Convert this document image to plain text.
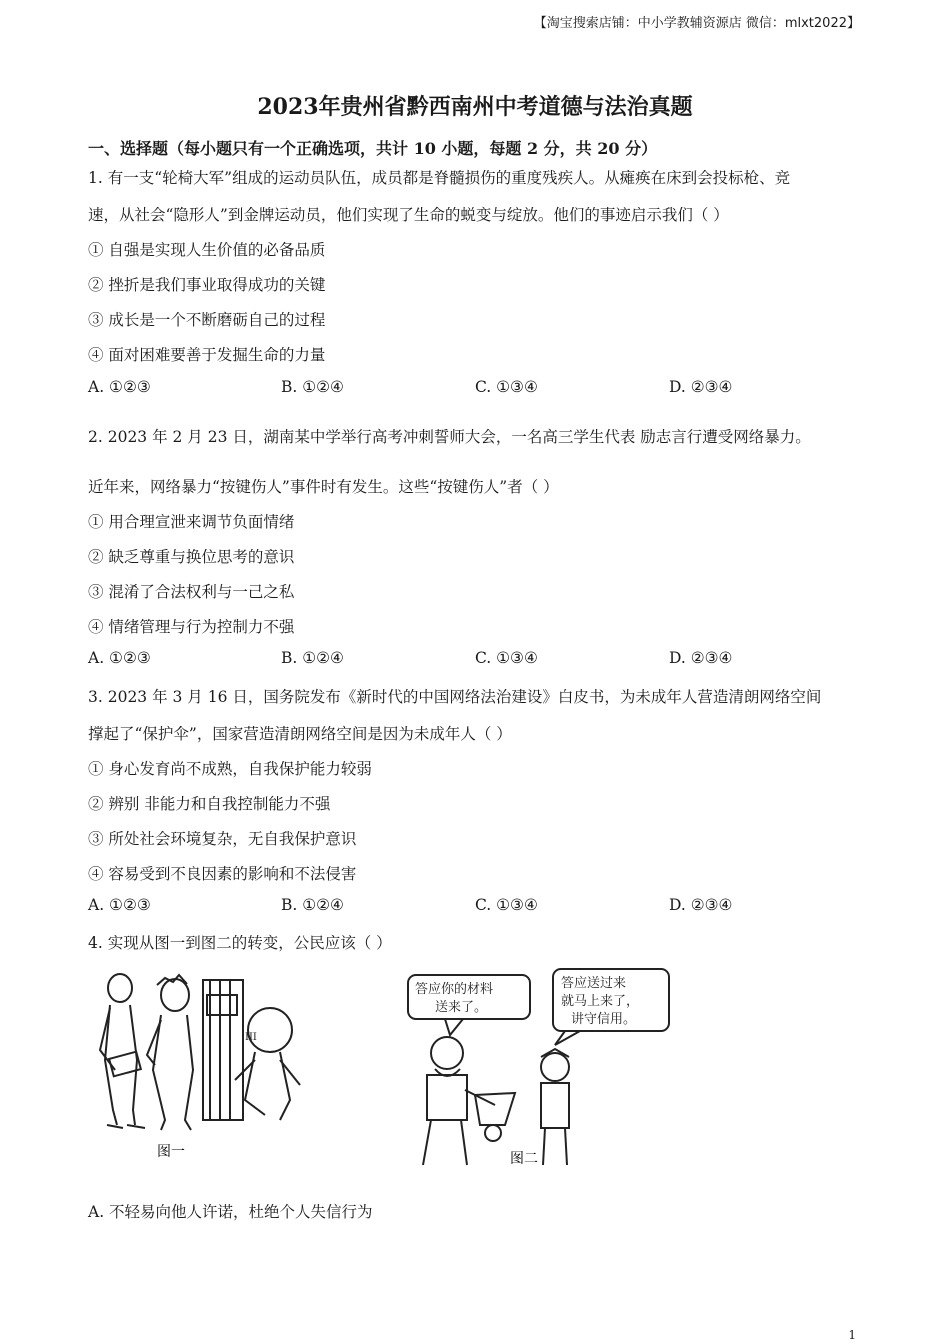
【淘宝搜索店铺：中小学教辅资源店 微信：mlxt2022】
2023年贵州省黔西南州中考道德与法治真题
一、选择题（每小题只有一个正确选项，共计 10 小题，每题 2 分，共 20 分）
1. 有一支“轮椅大军”组成的运动员队伍，成员都是脊髓损伤的重度残疾人。从瘫痪在床到会投标枪、竞
速，从社会“隐形人”到金牌运动员，他们实现了生命的蜕变与绽放。他们的事迹启示我们（ ）
① 自强是实现人生价值的必备品质
② 挫折是我们事业取得成功的关键
③ 成长是一个不断磨砺自己的过程
④ 面对困难要善于发掘生命的力量
A. ①②③	B. ①②④	C. ①③④	D. ②③④
2. 2023 年 2 月 23 日，湖南某中学举行高考冲刺誓师大会，一名高三学生代表 励志言行遭受网络暴力。
近年来，网络暴力“按键伤人”事件时有发生。这些“按键伤人”者（ ）
① 用合理宣泄来调节负面情绪
② 缺乏尊重与换位思考的意识
③ 混淆了合法权利与一己之私
④ 情绪管理与行为控制力不强
A. ①②③	B. ①②④	C. ①③④	D. ②③④
3. 2023 年 3 月 16 日，国务院发布《新时代的中国网络法治建设》白皮书，为未成年人营造清朗网络空间
撑起了“保护伞”，国家营造清朗网络空间是因为未成年人（ ）
① 身心发育尚不成熟，自我保护能力较弱
② 辨别 非能力和自我控制能力不强
③ 所处社会环境复杂，无自我保护意识
④ 容易受到不良因素的影响和不法侵害
A. ①②③	B. ①②④	C. ①③④	D. ②③④
4. 实现从图一到图二的转变，公民应该（ ）
III
图一
答应你的材料
送来了。
答应送过来
就马上来了，
讲守信用。
图二
A. 不轻易向他人许诺，杜绝个人失信行为
1
